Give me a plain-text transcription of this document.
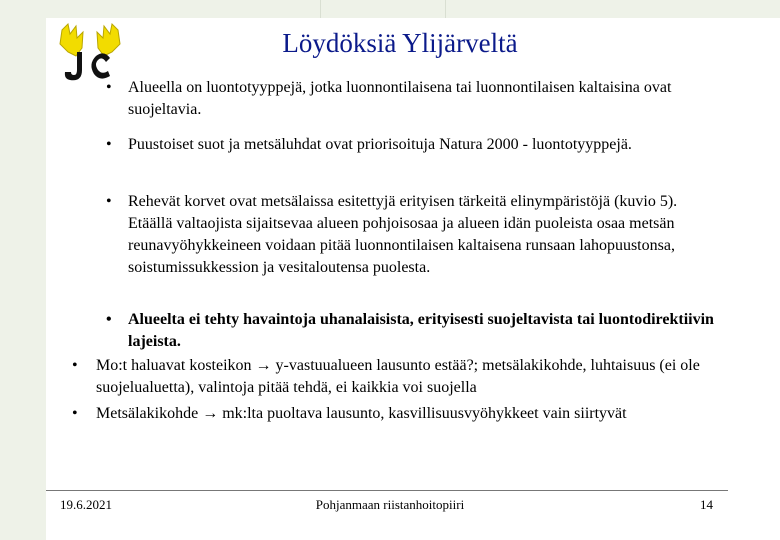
Löydöksiä Ylijärveltä
• Alueella on luontotyyppejä, jotka luonnontilaisena tai luonnontilaisen kaltaisina ovat suojeltavia.
• Puustoiset suot ja metsäluhdat ovat priorisoituja Natura 2000 - luontotyyppejä.
• Rehevät korvet ovat metsälaissa esitettyjä erityisen tärkeitä elinympäristöjä (kuvio 5). Etäällä valtaojista sijaitsevaa alueen pohjoisosaa ja alueen idän puoleista osaa metsän reunavyöhykkeineen voidaan pitää luonnontilaisen kaltaisena runsaan lahopuustonsa, soistumissukkession ja vesitaloutensa puolesta.
• Alueelta ei tehty havaintoja uhanalaisista, erityisesti suojeltavista tai luontodirektiivin lajeista.
• Mo:t haluavat kosteikon → y-vastuualueen lausunto estää?; metsälakikohde, luhtaisuus (ei ole suojelualuetta), valintoja pitää tehdä, ei kaikkia voi suojella
• Metsälakikohde → mk:lta puoltava lausunto, kasvillisuusvyöhykkeet vain siirtyvät
19.6.2021	Pohjanmaan riistanhoitopiiri	14
